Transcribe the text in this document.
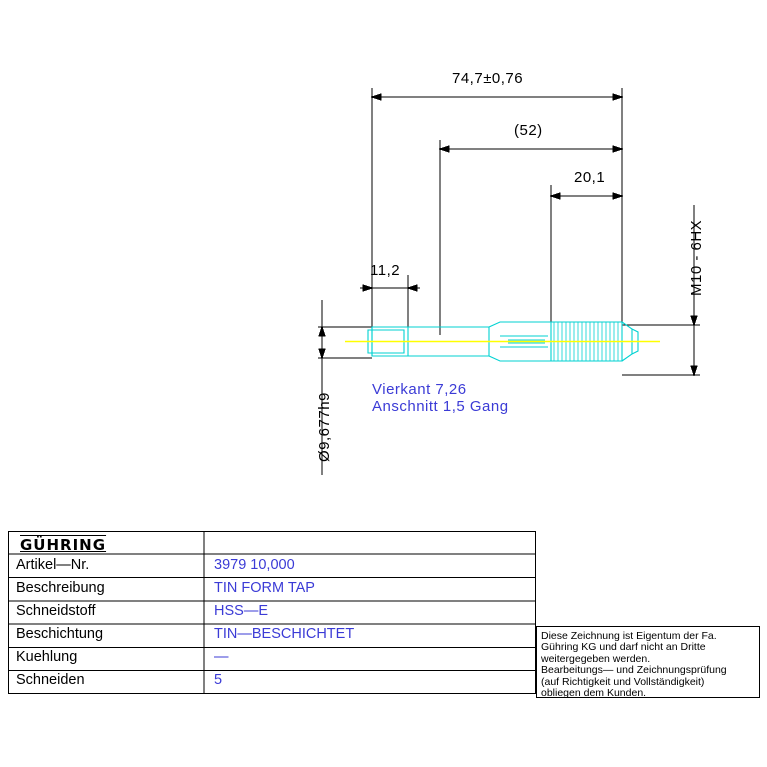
74,7±0,76
(52)
20,1
11,2	M10 - 6HX
Ø9,677h9
Vierkant 7,26
Anschnitt 1,5 Gang
GÜHRING
Artikel—Nr.	3979 10,000
Beschreibung	TIN FORM TAP
Schneidstoff	HSS—E
Beschichtung	TIN—BESCHICHTET
Kuehlung	—
Schneiden	5

Diese Zeichnung ist Eigentum der Fa.

Gühring KG und darf nicht an Dritte

weitergegeben werden.

Bearbeitungs— und Zeichnungsprüfung

(auf Richtigkeit und Vollständigkeit)

obliegen dem Kunden.
